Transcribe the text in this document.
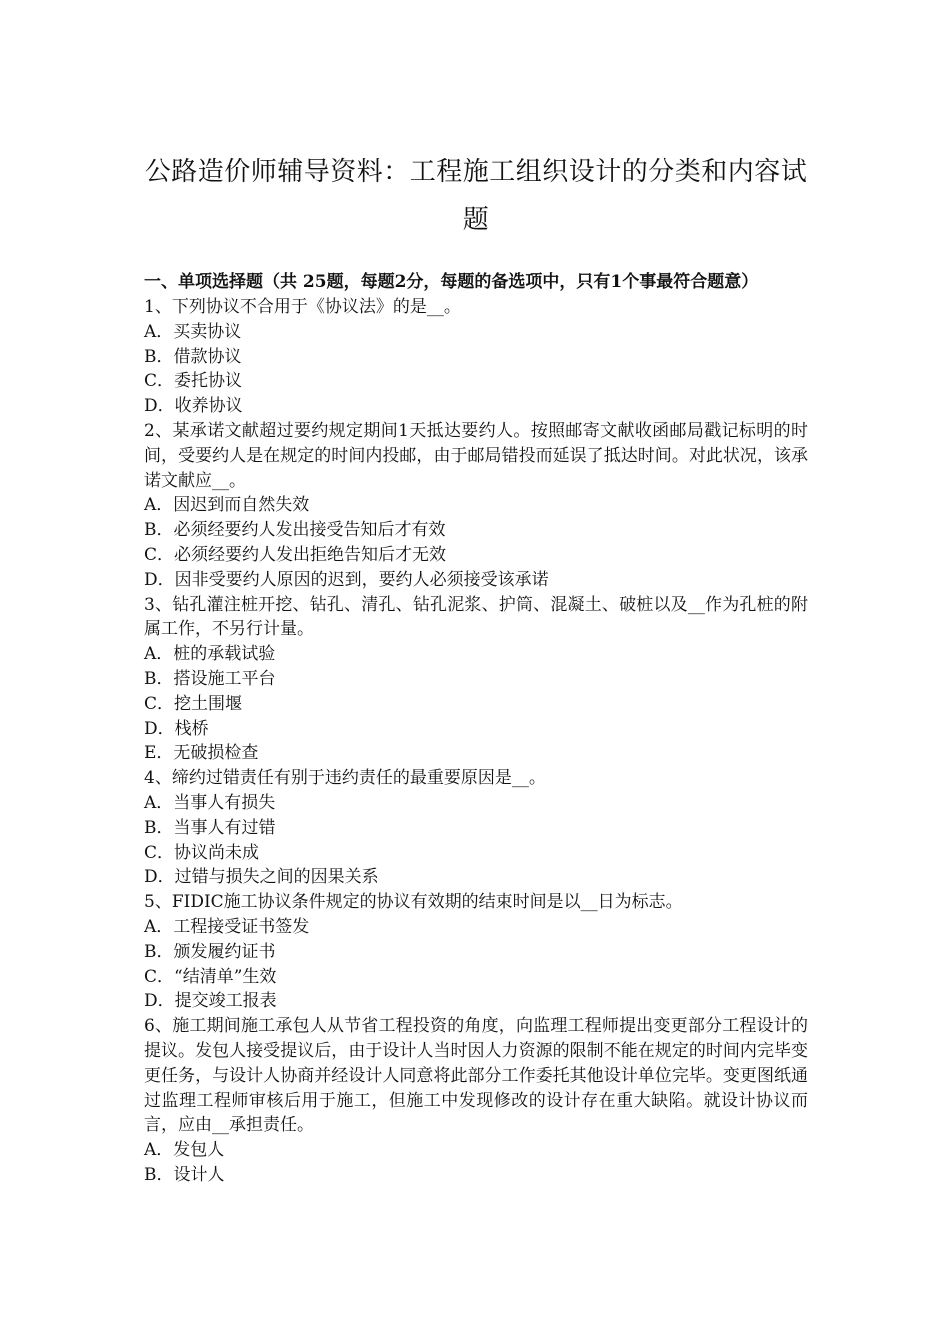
公路造价师辅导资料：工程施工组织设计的分类和内容试题
一、单项选择题（共 25题，每题2分，每题的备选项中，只有1个事最符合题意）
1、下列协议不合用于《协议法》的是__。
A．买卖协议
B．借款协议
C．委托协议
D．收养协议
2、某承诺文献超过要约规定期间1天抵达要约人。按照邮寄文献收函邮局戳记标明的时间，受要约人是在规定的时间内投邮，由于邮局错投而延误了抵达时间。对此状况，该承诺文献应__。
A．因迟到而自然失效
B．必须经要约人发出接受告知后才有效
C．必须经要约人发出拒绝告知后才无效
D．因非受要约人原因的迟到，要约人必须接受该承诺
3、钻孔灌注桩开挖、钻孔、清孔、钻孔泥浆、护筒、混凝土、破桩以及__作为孔桩的附属工作，不另行计量。
A．桩的承载试验
B．搭设施工平台
C．挖土围堰
D．栈桥
E．无破损检查
4、缔约过错责任有别于违约责任的最重要原因是__。
A．当事人有损失
B．当事人有过错
C．协议尚未成
D．过错与损失之间的因果关系
5、FIDIC施工协议条件规定的协议有效期的结束时间是以__日为标志。
A．工程接受证书签发
B．颁发履约证书
C．“结清单”生效
D．提交竣工报表
6、施工期间施工承包人从节省工程投资的角度，向监理工程师提出变更部分工程设计的提议。发包人接受提议后，由于设计人当时因人力资源的限制不能在规定的时间内完毕变更任务，与设计人协商并经设计人同意将此部分工作委托其他设计单位完毕。变更图纸通过监理工程师审核后用于施工，但施工中发现修改的设计存在重大缺陷。就设计协议而言，应由__承担责任。
A．发包人
B．设计人
